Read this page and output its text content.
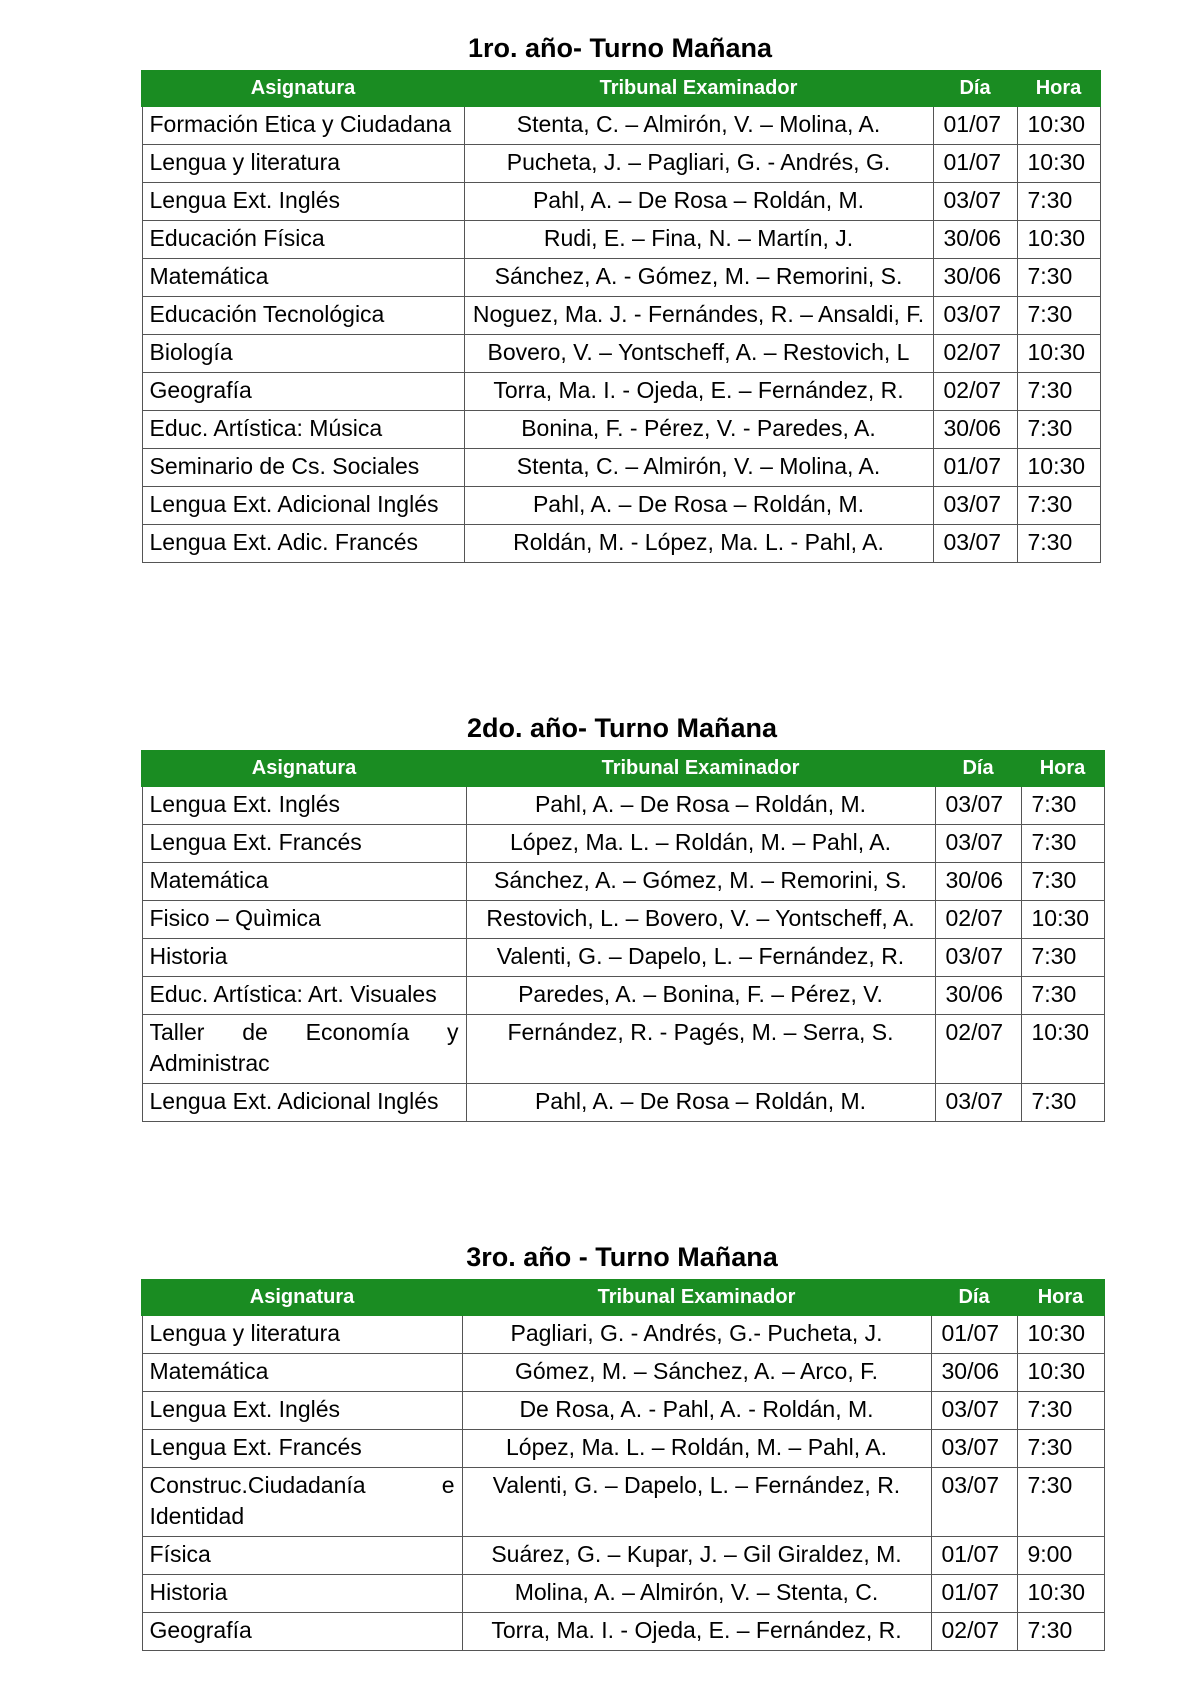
1ro. año- Turno Mañana
Asignatura	Tribunal Examinador	Día	Hora
Formación Etica y Ciudadana	Stenta, C. – Almirón, V. – Molina, A.	01/07	10:30
Lengua y literatura	Pucheta, J. – Pagliari, G. - Andrés, G.	01/07	10:30
Lengua Ext. Inglés	Pahl, A. – De Rosa – Roldán, M.	03/07	7:30
Educación Física	Rudi, E. – Fina, N. – Martín, J.	30/06	10:30
Matemática	Sánchez, A. - Gómez, M. – Remorini, S.	30/06	7:30
Educación Tecnológica	Noguez, Ma. J. - Fernándes, R. – Ansaldi, F.	03/07	7:30
Biología	Bovero, V. – Yontscheff, A. – Restovich, L	02/07	10:30
Geografía	Torra, Ma. I. - Ojeda, E. – Fernández, R.	02/07	7:30
Educ. Artística: Música	Bonina, F. - Pérez, V. - Paredes, A.	30/06	7:30
Seminario de Cs. Sociales	Stenta, C. – Almirón, V. – Molina, A.	01/07	10:30
Lengua Ext. Adicional Inglés	Pahl, A. – De Rosa – Roldán, M.	03/07	7:30
Lengua Ext. Adic. Francés	Roldán, M. - López, Ma. L. - Pahl, A.	03/07	7:30
2do. año- Turno Mañana
Asignatura	Tribunal Examinador	Día	Hora
Lengua Ext. Inglés	Pahl, A. – De Rosa – Roldán, M.	03/07	7:30
Lengua Ext. Francés	López, Ma. L. – Roldán, M. – Pahl, A.	03/07	7:30
Matemática	Sánchez, A. – Gómez, M. – Remorini, S.	30/06	7:30
Fisico – Quìmica	Restovich, L. – Bovero, V. – Yontscheff, A.	02/07	10:30
Historia	Valenti, G. – Dapelo, L. – Fernández, R.	03/07	7:30
Educ. Artística: Art. Visuales	Paredes, A. – Bonina, F. – Pérez, V.	30/06	7:30
Taller de Economía y Administrac	Fernández, R. - Pagés, M. – Serra, S.	02/07	10:30
Lengua Ext. Adicional Inglés	Pahl, A. – De Rosa – Roldán, M.	03/07	7:30
3ro. año - Turno Mañana
Asignatura	Tribunal Examinador	Día	Hora
Lengua y literatura	Pagliari, G. - Andrés, G.- Pucheta, J.	01/07	10:30
Matemática	Gómez, M. – Sánchez, A. – Arco, F.	30/06	10:30
Lengua Ext. Inglés	De Rosa, A. - Pahl, A. - Roldán, M.	03/07	7:30
Lengua Ext. Francés	López, Ma. L. – Roldán, M. – Pahl, A.	03/07	7:30
Construc.Ciudadanía e Identidad	Valenti, G. – Dapelo, L. – Fernández, R.	03/07	7:30
Física	Suárez, G. – Kupar, J. – Gil Giraldez, M.	01/07	9:00
Historia	Molina, A. – Almirón, V. – Stenta, C.	01/07	10:30
Geografía	Torra, Ma. I. - Ojeda, E. – Fernández, R.	02/07	7:30
